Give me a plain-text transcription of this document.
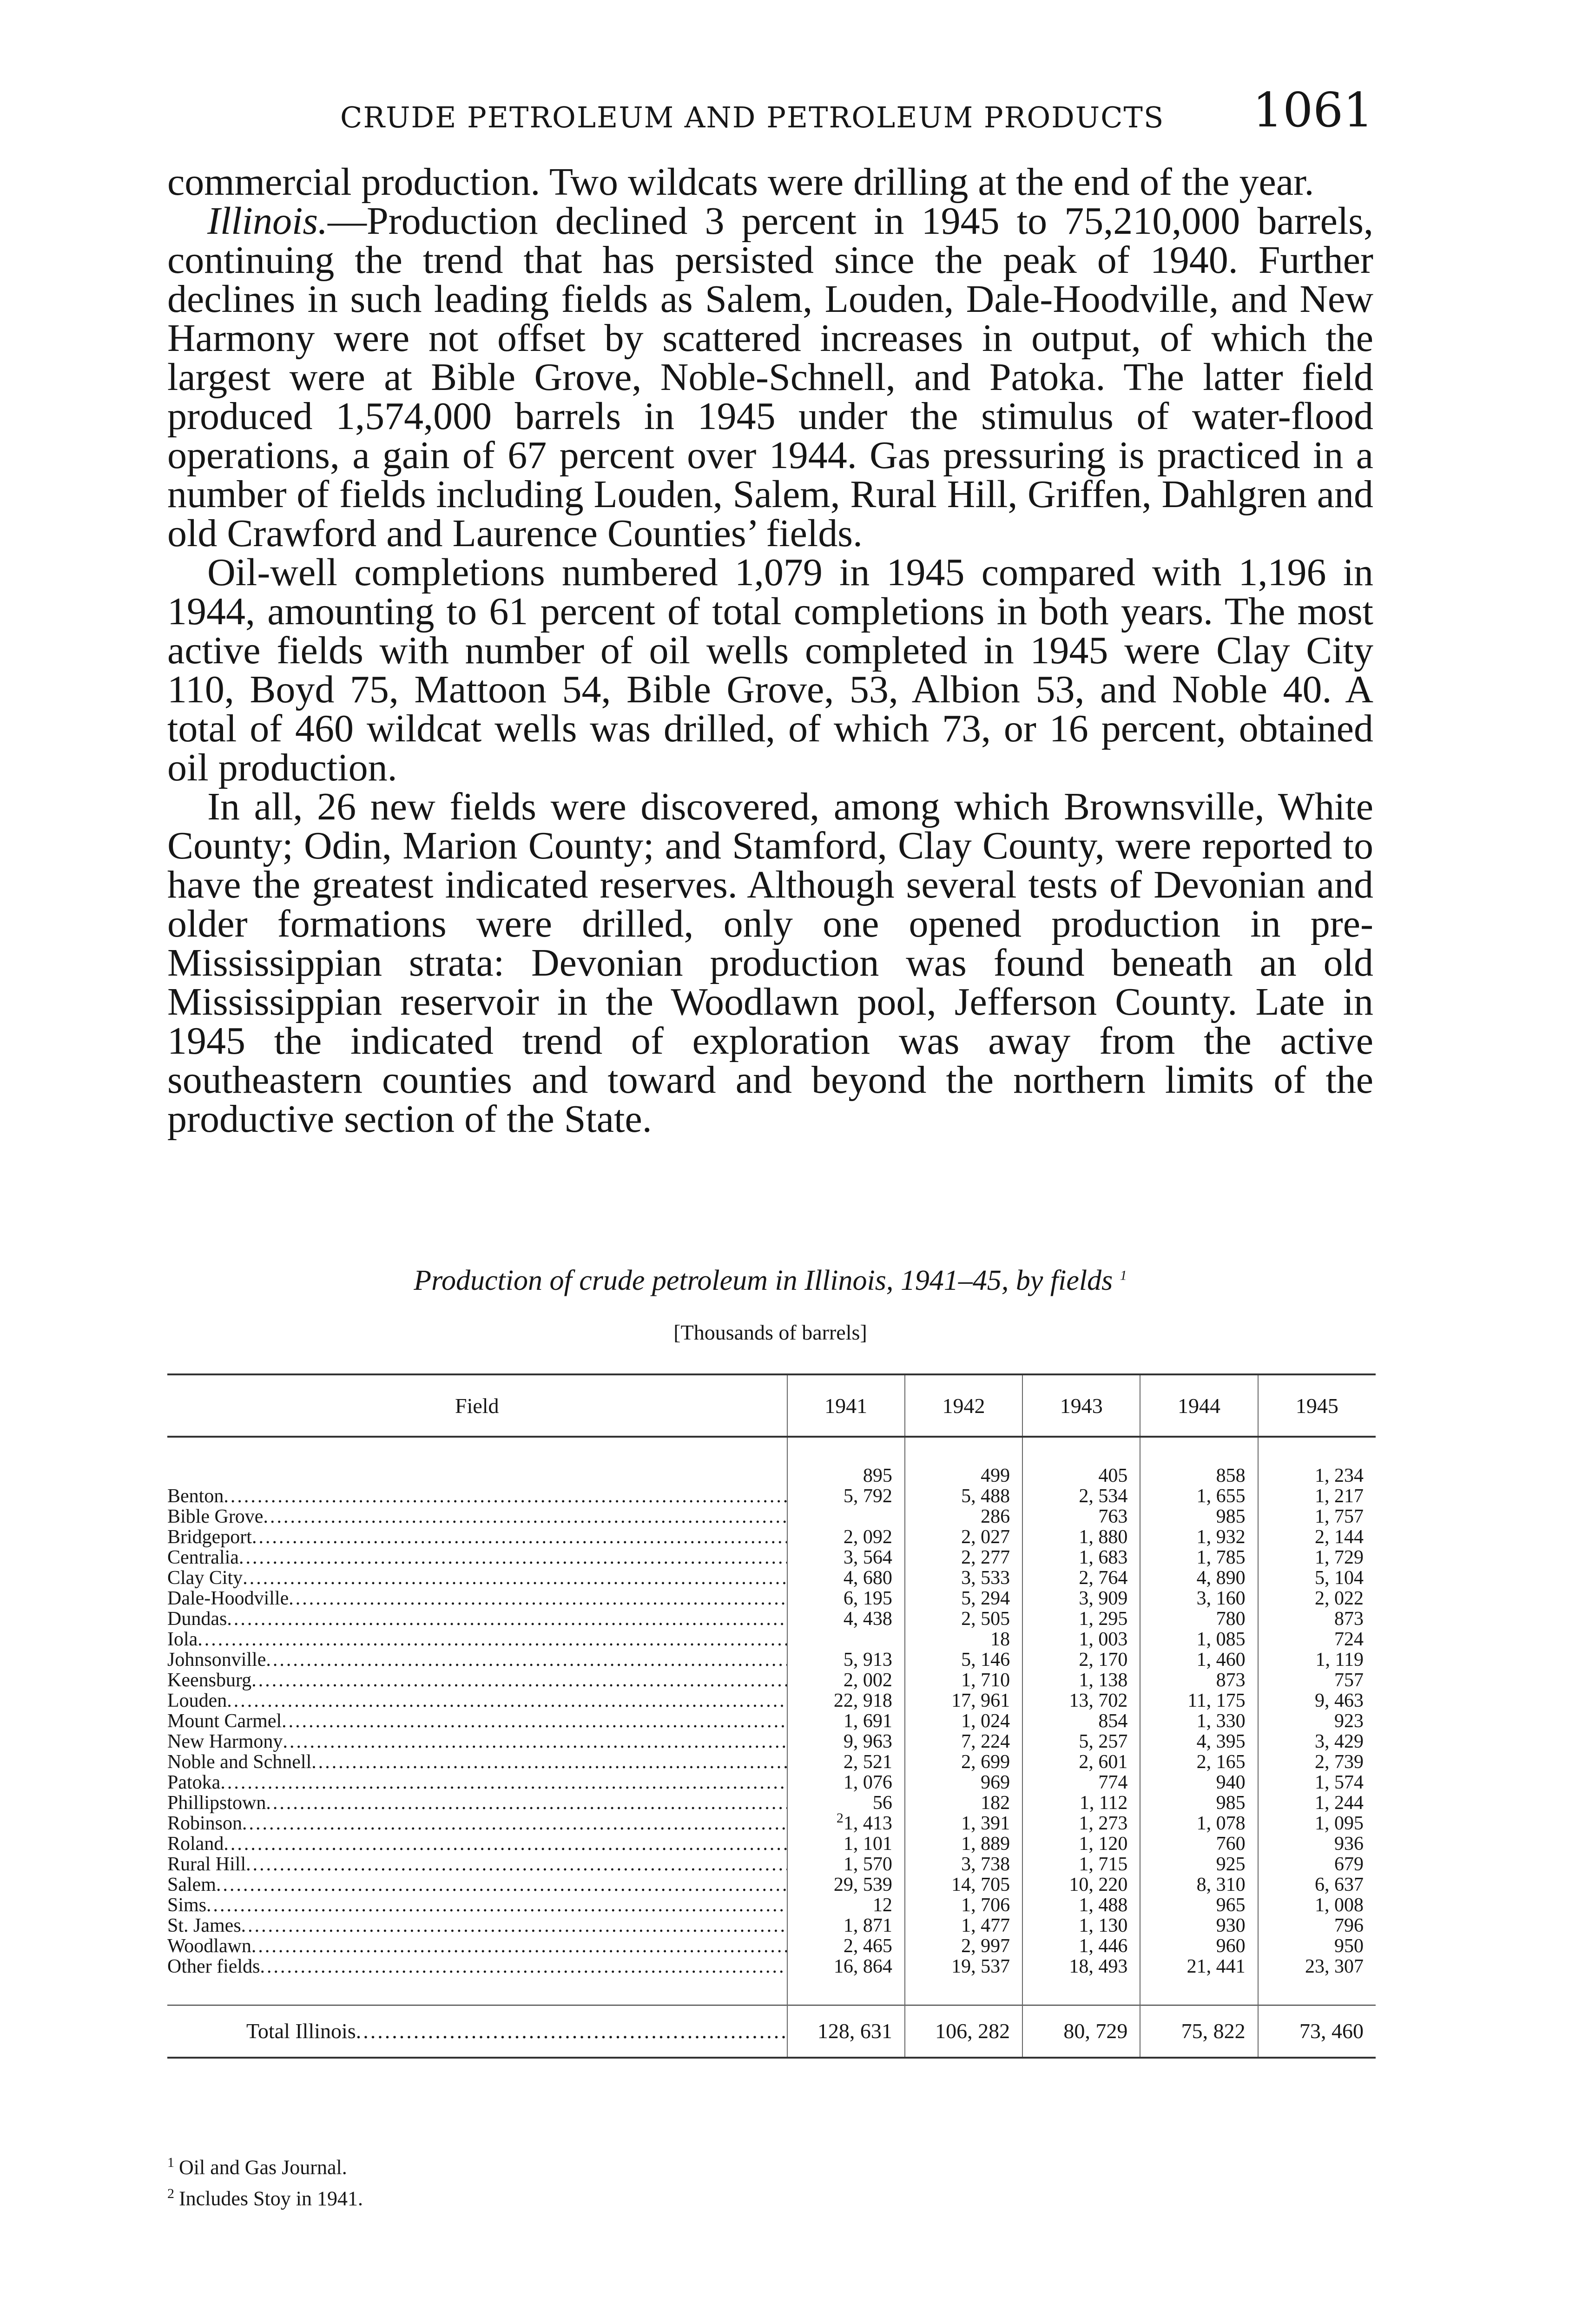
CRUDE PETROLEUM AND PETROLEUM PRODUCTS 1061

commercial production. Two wildcats were drilling at the end of the year.

Illinois.—Production declined 3 percent in 1945 to 75,210,000 barrels, continuing the trend that has persisted since the peak of 1940. Further declines in such leading fields as Salem, Louden, Dale-Hoodville, and New Harmony were not offset by scattered increases in output, of which the largest were at Bible Grove, Noble-Schnell, and Patoka. The latter field produced 1,574,000 barrels in 1945 under the stimulus of water-flood operations, a gain of 67 percent over 1944. Gas pressuring is practiced in a number of fields including Louden, Salem, Rural Hill, Griffen, Dahlgren and old Crawford and Laurence Counties’ fields.

Oil-well completions numbered 1,079 in 1945 compared with 1,196 in 1944, amounting to 61 percent of total completions in both years. The most active fields with number of oil wells completed in 1945 were Clay City 110, Boyd 75, Mattoon 54, Bible Grove, 53, Albion 53, and Noble 40. A total of 460 wildcat wells was drilled, of which 73, or 16 percent, obtained oil production.

In all, 26 new fields were discovered, among which Brownsville, White County; Odin, Marion County; and Stamford, Clay County, were reported to have the greatest indicated reserves. Although several tests of Devonian and older formations were drilled, only one opened production in pre-Mississippian strata: Devonian production was found beneath an old Mississippian reservoir in the Woodlawn pool, Jefferson County. Late in 1945 the indicated trend of exploration was away from the active southeastern counties and toward and beyond the northern limits of the productive section of the State.

Production of crude petroleum in Illinois, 1941–45, by fields $^1$
[Thousands of barrels]
Field	1941	1942	1943	1944	1945

	895	499	405	858	1, 234

Benton .....	5, 792	5, 488	2, 534	1, 655	1, 217

Bible Grove .....		286	763	985	1, 757

Bridgeport .....	2, 092	2, 027	1, 880	1, 932	2, 144

Centralia .....	3, 564	2, 277	1, 683	1, 785	1, 729

Clay City .....	4, 680	3, 533	2, 764	4, 890	5, 104

Dale-Hoodville .....	6, 195	5, 294	3, 909	3, 160	2, 022

Dundas .....	4, 438	2, 505	1, 295	780	873

Iola .....		18	1, 003	1, 085	724

Johnsonville .....	5, 913	5, 146	2, 170	1, 460	1, 119

Keensburg .....	2, 002	1, 710	1, 138	873	757

Louden .....	22, 918	17, 961	13, 702	11, 175	9, 463

Mount Carmel .....	1, 691	1, 024	854	1, 330	923

New Harmony .....	9, 963	7, 224	5, 257	4, 395	3, 429

Noble and Schnell .....	2, 521	2, 699	2, 601	2, 165	2, 739

Patoka .....	1, 076	969	774	940	1, 574

Phillipstown .....	56	182	1, 112	985	1, 244

Robinson .....	$^2$1, 413	1, 391	1, 273	1, 078	1, 095

Roland .....	1, 101	1, 889	1, 120	760	936

Rural Hill .....	1, 570	3, 738	1, 715	925	679

Salem .....	29, 539	14, 705	10, 220	8, 310	6, 637

Sims .....	12	1, 706	1, 488	965	1, 008

St. James .....	1, 871	1, 477	1, 130	930	796

Woodlawn .....	2, 465	2, 997	1, 446	960	950

Other fields .....	16, 864	19, 537	18, 493	21, 441	23, 307

Total Illinois .....	128, 631	106, 282	80, 729	75, 822	73, 460
$^1$ Oil and Gas Journal.
$^2$ Includes Stoy in 1941.
